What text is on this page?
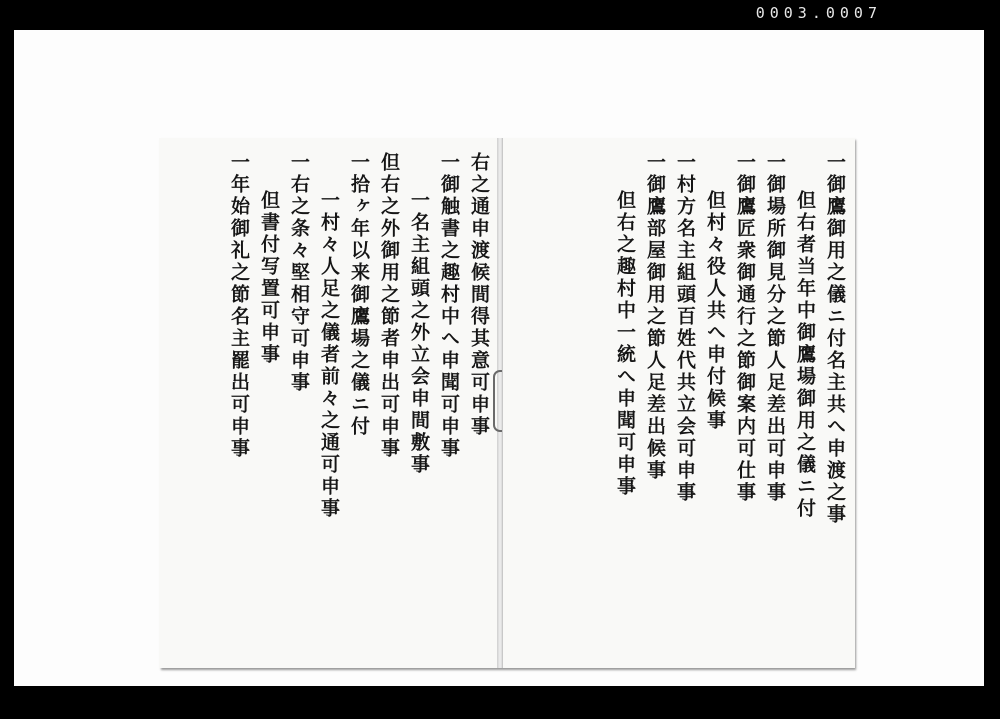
0003.0007
右之通申渡候間得其意可申事
一御触書之趣村中へ申聞可申事
一名主組頭之外立会申間敷事
但右之外御用之節者申出可申事
一拾ヶ年以来御鷹場之儀ニ付
一村々人足之儀者前々之通可申事
一右之条々堅相守可申事
但書付写置可申事
一年始御礼之節名主罷出可申事	一御鷹御用之儀ニ付名主共へ申渡之事
但右者当年中御鷹場御用之儀ニ付
一御場所御見分之節人足差出可申事
一御鷹匠衆御通行之節御案内可仕事
但村々役人共へ申付候事
一村方名主組頭百姓代共立会可申事
一御鷹部屋御用之節人足差出候事
但右之趣村中一統へ申聞可申事
